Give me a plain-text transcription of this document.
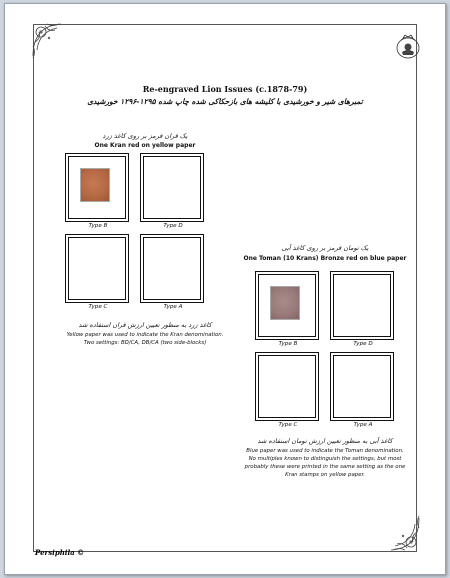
Re-engraved Lion Issues (c.1878-79)
تمبرهای شیر و خورشیدی با کلیشه های بازحکاکی شده چاپ شده ۱۲۹۵-۱۲۹۶ خورشیدی
یک قران قرمز بر روی کاغذ زرد
One Kran red on yellow paper
Type B	Type D
Type C	Type A
کاغذ زرد به منظور تعیین ارزش قران استفاده شد
Yellow paper was used to indicate the Kran denomination.
Two settings: BD/CA, DB/CA (two side-blocks)
یک تومان قرمز بر روی کاغذ آبی
One Toman (10 Krans) Bronze red on blue paper
Type B	Type D
Type C	Type A
کاغذ آبی به منظور تعیین ارزش تومان استفاده شد
Blue paper was used to indicate the Toman denomination.
No multiples known to distinguish the settings, but most
probably these were printed in the same setting as the one
Kran stamps on yellow paper.
Persiphila ©
